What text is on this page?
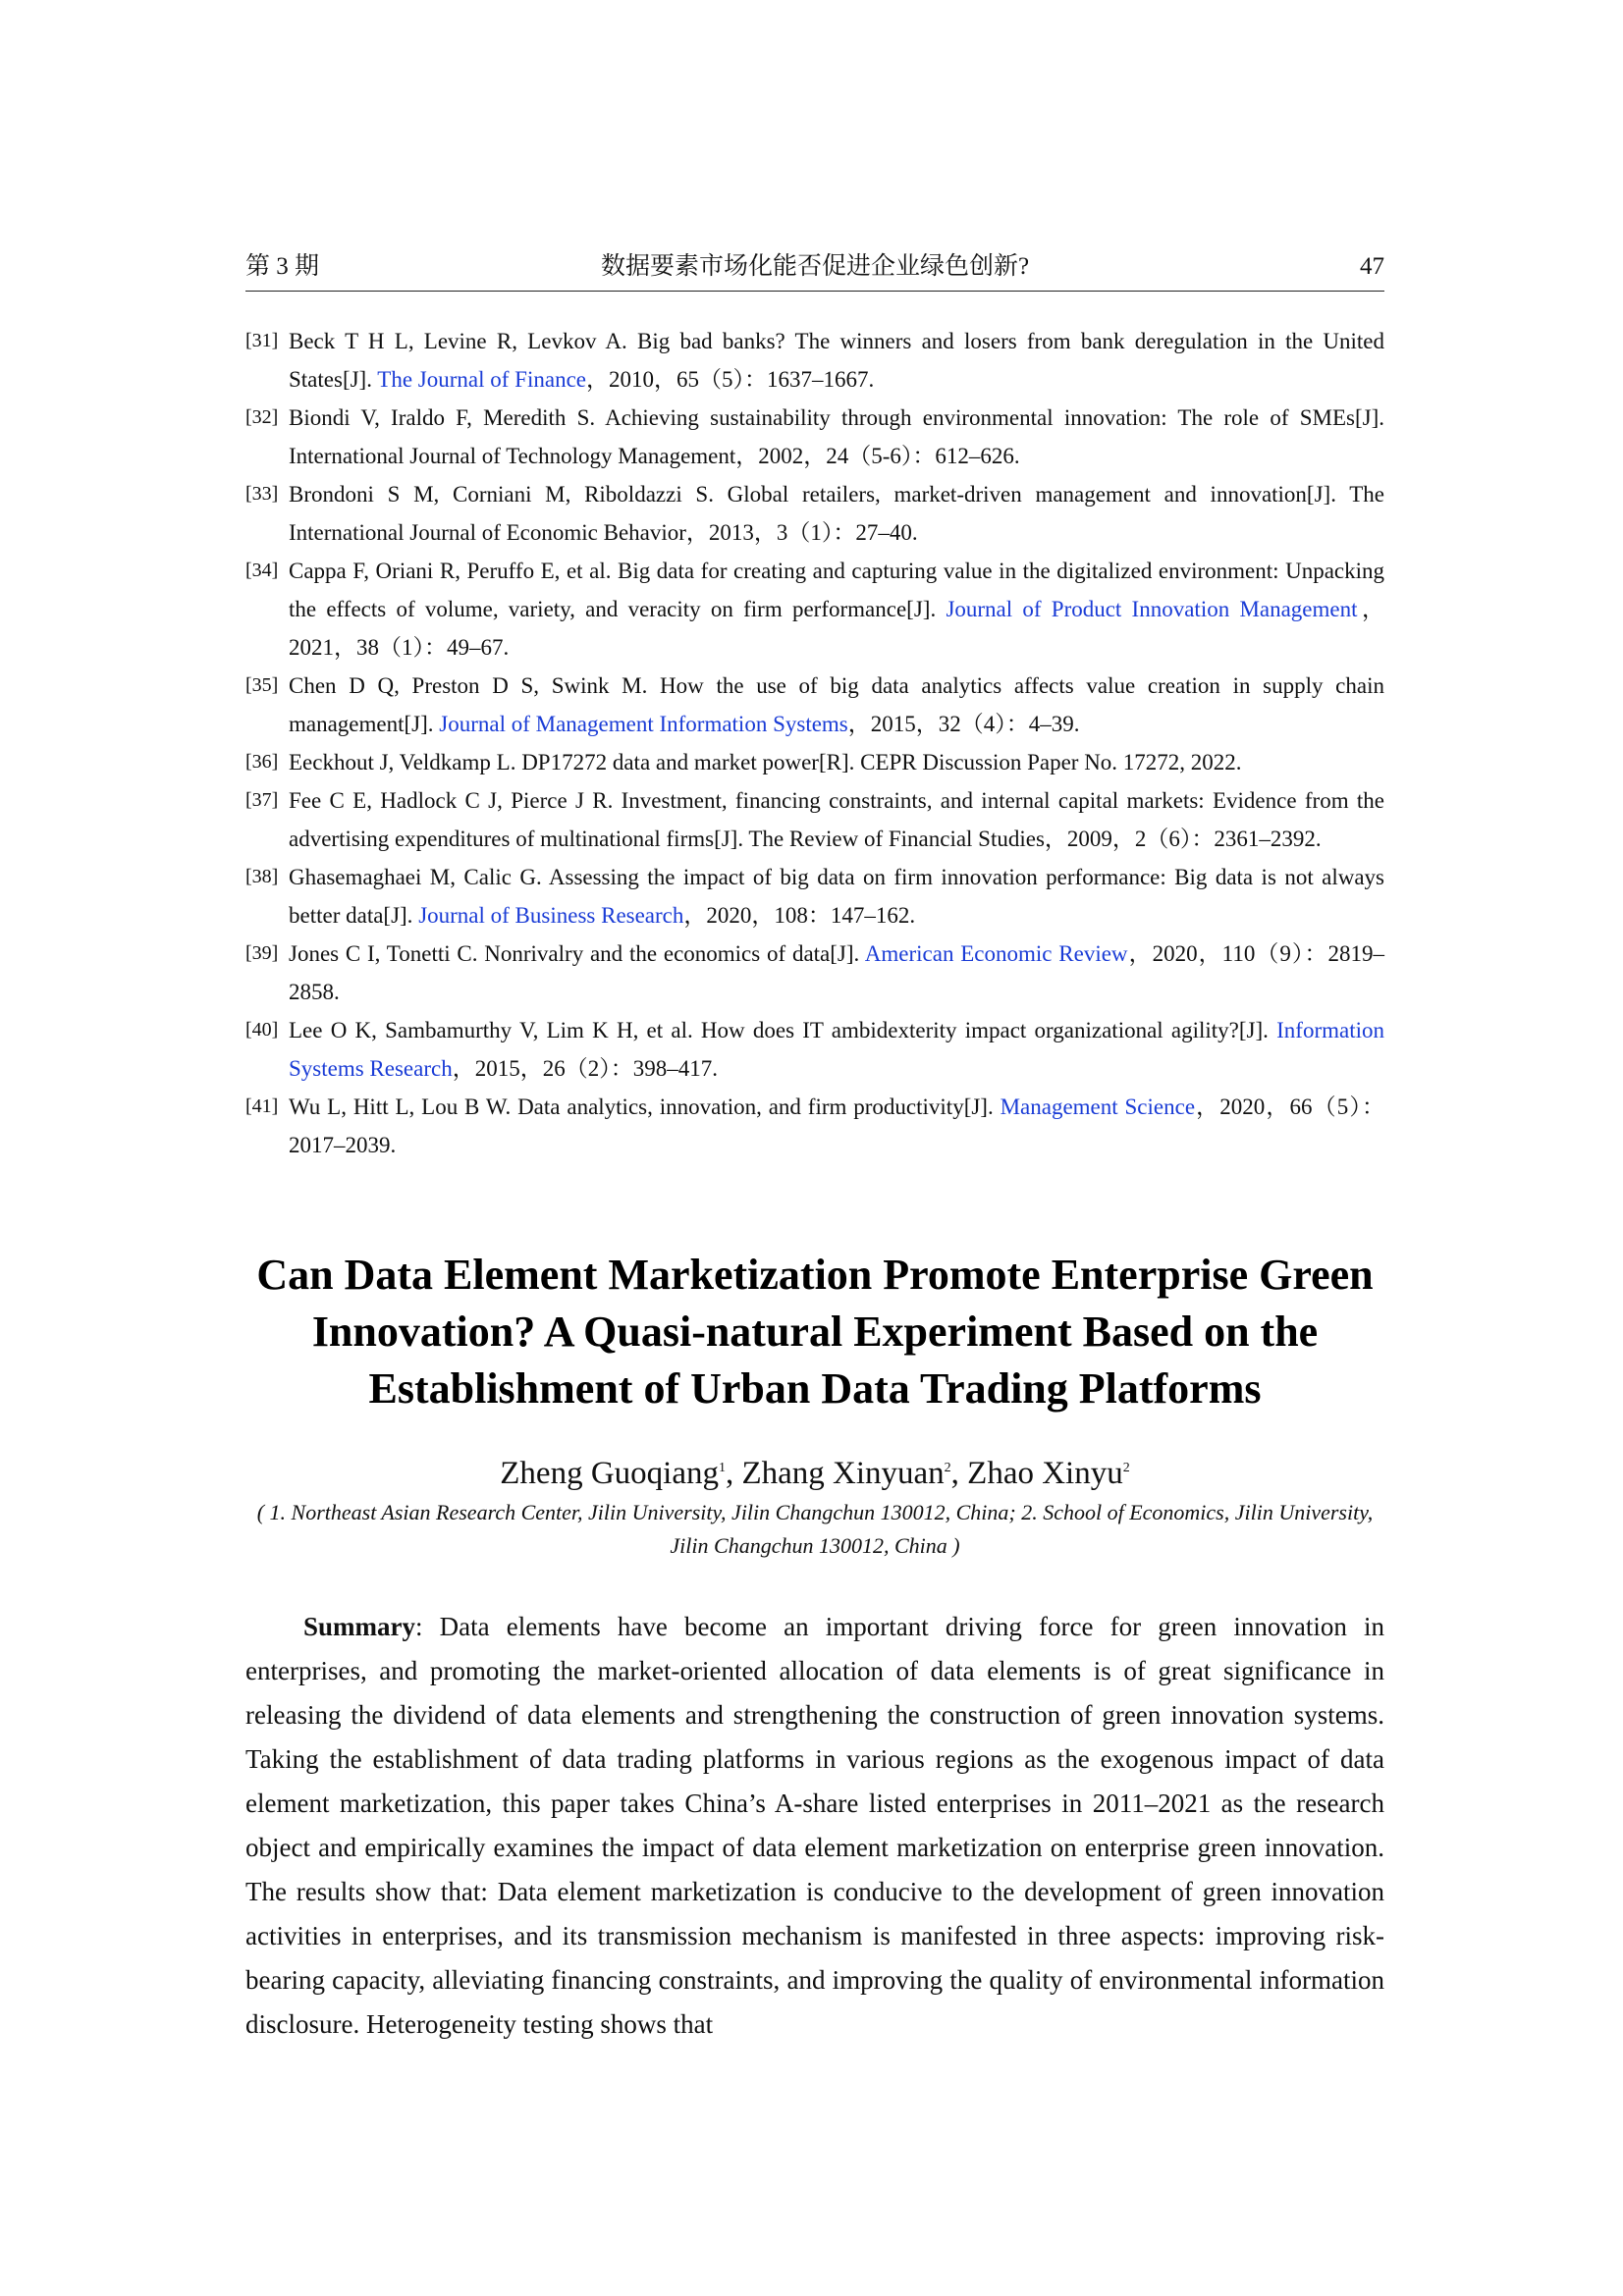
第 3 期	数据要素市场化能否促进企业绿色创新?	47
[31] Beck T H L, Levine R, Levkov A. Big bad banks? The winners and losers from bank deregulation in the United States[J]. The Journal of Finance，2010，65（5）：1637–1667.
[32] Biondi V, Iraldo F, Meredith S. Achieving sustainability through environmental innovation: The role of SMEs[J]. International Journal of Technology Management，2002，24（5-6）：612–626.
[33] Brondoni S M, Corniani M, Riboldazzi S. Global retailers, market-driven management and innovation[J]. The International Journal of Economic Behavior，2013，3（1）：27–40.
[34] Cappa F, Oriani R, Peruffo E, et al. Big data for creating and capturing value in the digitalized environment: Unpacking the effects of volume, variety, and veracity on firm performance[J]. Journal of Product Innovation Management，2021，38（1）：49–67.
[35] Chen D Q, Preston D S, Swink M. How the use of big data analytics affects value creation in supply chain management[J]. Journal of Management Information Systems，2015，32（4）：4–39.
[36] Eeckhout J, Veldkamp L. DP17272 data and market power[R]. CEPR Discussion Paper No. 17272, 2022.
[37] Fee C E, Hadlock C J, Pierce J R. Investment, financing constraints, and internal capital markets: Evidence from the advertising expenditures of multinational firms[J]. The Review of Financial Studies，2009，2（6）：2361–2392.
[38] Ghasemaghaei M, Calic G. Assessing the impact of big data on firm innovation performance: Big data is not always better data[J]. Journal of Business Research，2020，108：147–162.
[39] Jones C I, Tonetti C. Nonrivalry and the economics of data[J]. American Economic Review，2020，110（9）：2819–2858.
[40] Lee O K, Sambamurthy V, Lim K H, et al. How does IT ambidexterity impact organizational agility?[J]. Information Systems Research，2015，26（2）：398–417.
[41] Wu L, Hitt L, Lou B W. Data analytics, innovation, and firm productivity[J]. Management Science，2020，66（5）：2017–2039.
Can Data Element Marketization Promote Enterprise Green Innovation? A Quasi-natural Experiment Based on the Establishment of Urban Data Trading Platforms
Zheng Guoqiang$^1$, Zhang Xinyuan$^2$, Zhao Xinyu$^2$
( 1. Northeast Asian Research Center, Jilin University, Jilin Changchun 130012, China; 2. School of Economics, Jilin University, Jilin Changchun 130012, China )
Summary: Data elements have become an important driving force for green innovation in enterprises, and promoting the market-oriented allocation of data elements is of great significance in releasing the dividend of data elements and strengthening the construction of green innovation systems. Taking the establishment of data trading platforms in various regions as the exogenous impact of data element marketization, this paper takes China’s A-share listed enterprises in 2011–2021 as the research object and empirically examines the impact of data element marketization on enterprise green innovation. The results show that: Data element marketization is conducive to the development of green innovation activities in enterprises, and its transmission mechanism is manifested in three aspects: improving risk-bearing capacity, alleviating financing constraints, and improving the quality of environmental information disclosure. Heterogeneity testing shows that
